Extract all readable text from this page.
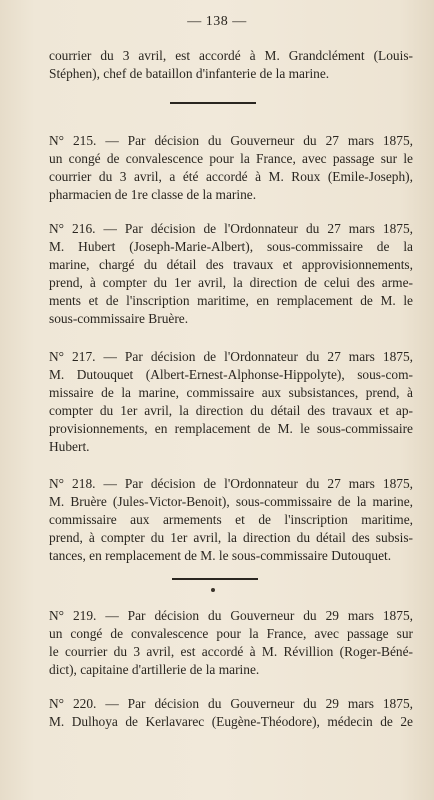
— 138 —
courrier du 3 avril, est accordé à M. Grandclément (Louis-
Stéphen), chef de bataillon d'infanterie de la marine.
N° 215. — Par décision du Gouverneur du 27 mars 1875,
un congé de convalescence pour la France, avec passage sur le
courrier du 3 avril, a été accordé à M. Roux (Emile-Joseph),
pharmacien de 1re classe de la marine.
N° 216. — Par décision de l'Ordonnateur du 27 mars 1875,
M. Hubert (Joseph-Marie-Albert), sous-commissaire de la
marine, chargé du détail des travaux et approvisionnements,
prend, à compter du 1er avril, la direction de celui des arme-
ments et de l'inscription maritime, en remplacement de M. le
sous-commissaire Bruère.
N° 217. — Par décision de l'Ordonnateur du 27 mars 1875,
M. Dutouquet (Albert-Ernest-Alphonse-Hippolyte), sous-com-
missaire de la marine, commissaire aux subsistances, prend, à
compter du 1er avril, la direction du détail des travaux et ap-
provisionnements, en remplacement de M. le sous-commissaire
Hubert.
N° 218. — Par décision de l'Ordonnateur du 27 mars 1875,
M. Bruère (Jules-Victor-Benoit), sous-commissaire de la marine,
commissaire aux armements et de l'inscription maritime,
prend, à compter du 1er avril, la direction du détail des subsis-
tances, en remplacement de M. le sous-commissaire Dutouquet.
N° 219. — Par décision du Gouverneur du 29 mars 1875,
un congé de convalescence pour la France, avec passage sur
le courrier du 3 avril, est accordé à M. Révillion (Roger-Béné-
dict), capitaine d'artillerie de la marine.
N° 220. — Par décision du Gouverneur du 29 mars 1875,
M. Dulhoya de Kerlavarec (Eugène-Théodore), médecin de 2e
